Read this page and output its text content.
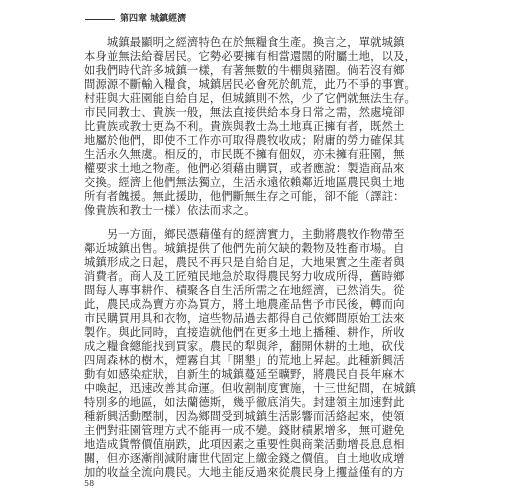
第四章 城鎮經濟
　　城鎮最顯明之經濟特色在於無糧食生產。換言之，單就城鎮
本身並無法給養居民。它勢必要擁有相當還闊的附屬土地，以及，
如我們時代許多城鎮一樣，有著無數的牛棚與豬圈。倘若沒有鄉
間源源不斷輸入糧食，城鎮居民必會死於飢荒，此乃不爭的事實。
村莊與大莊園能自給自足，但城鎮則不然，少了它們就無法生存。
市民同教士、貴族一般，無法直接供給本身日常之需，然處境卻
比貴族或教士更為不利。貴族與教士為土地真正擁有者，既然土
地屬於他們，即使不工作亦可取得農牧收成；附庸的勞力確保其
生活永久無虞。相反的，市民既不擁有佃奴，亦未擁有莊園，無
權要求土地之物產。他們必須藉由購買，或者應說：製造商品來
交換。經濟上他們無法獨立，生活永遠依賴鄰近地區農民與土地
所有者餽援。無此援助，他們斷無生存之可能，卻不能（譯註：
像貴族和教士一樣）依法而求之。
　　另一方面，鄉民憑藉僅有的經濟實力，主動將農牧作物帶至
鄰近城鎮出售。城鎮提供了他們先前欠缺的穀物及牲畜市場。自
城鎮形成之日起，農民不再只是自給自足，大地果實之生產者與
消費者。商人及工匠殖民地急於取得農民努力收成所得，舊時鄉
間每人專事耕作、積聚各自生活所需之在地經濟，已然消失。從
此，農民成為賣方亦為買方，將土地農產品售予市民後，轉而向
市民購買用具和衣物，這些物品過去都得自己依鄉間原始工法來
製作。與此同時，直接造就他們在更多土地上播種、耕作，所收
成之糧食總能找到買家。農民的犁與斧，翻開休耕的土地，砍伐
四周森林的樹木，煙霧自其「開墾」的荒地上昇起。此種新興活
動有如感染症狀，自新生的城鎮蔓延至曠野，將農民自長年麻木
中喚起，迅速改善其命運。但收割制度實施，十三世紀間，在城鎮
特別多的地區，如法蘭德斯，幾乎徹底消失。封建領主加速對此
種新興活動壓制，因為鄉間受到城鎮生活影響而活絡起來，使領
主們對莊園管理方式不能再一成不變。錢財積累增多，無可避免
地造成貨幣價值崩跌，此項因素之重要性與商業活動增長息息相
關，但亦逐漸削減附庸世代固定上繳金錢之價值。自土地收成增
加的收益全流向農民。大地主能反過來從農民身上攫益僅有的方
58
